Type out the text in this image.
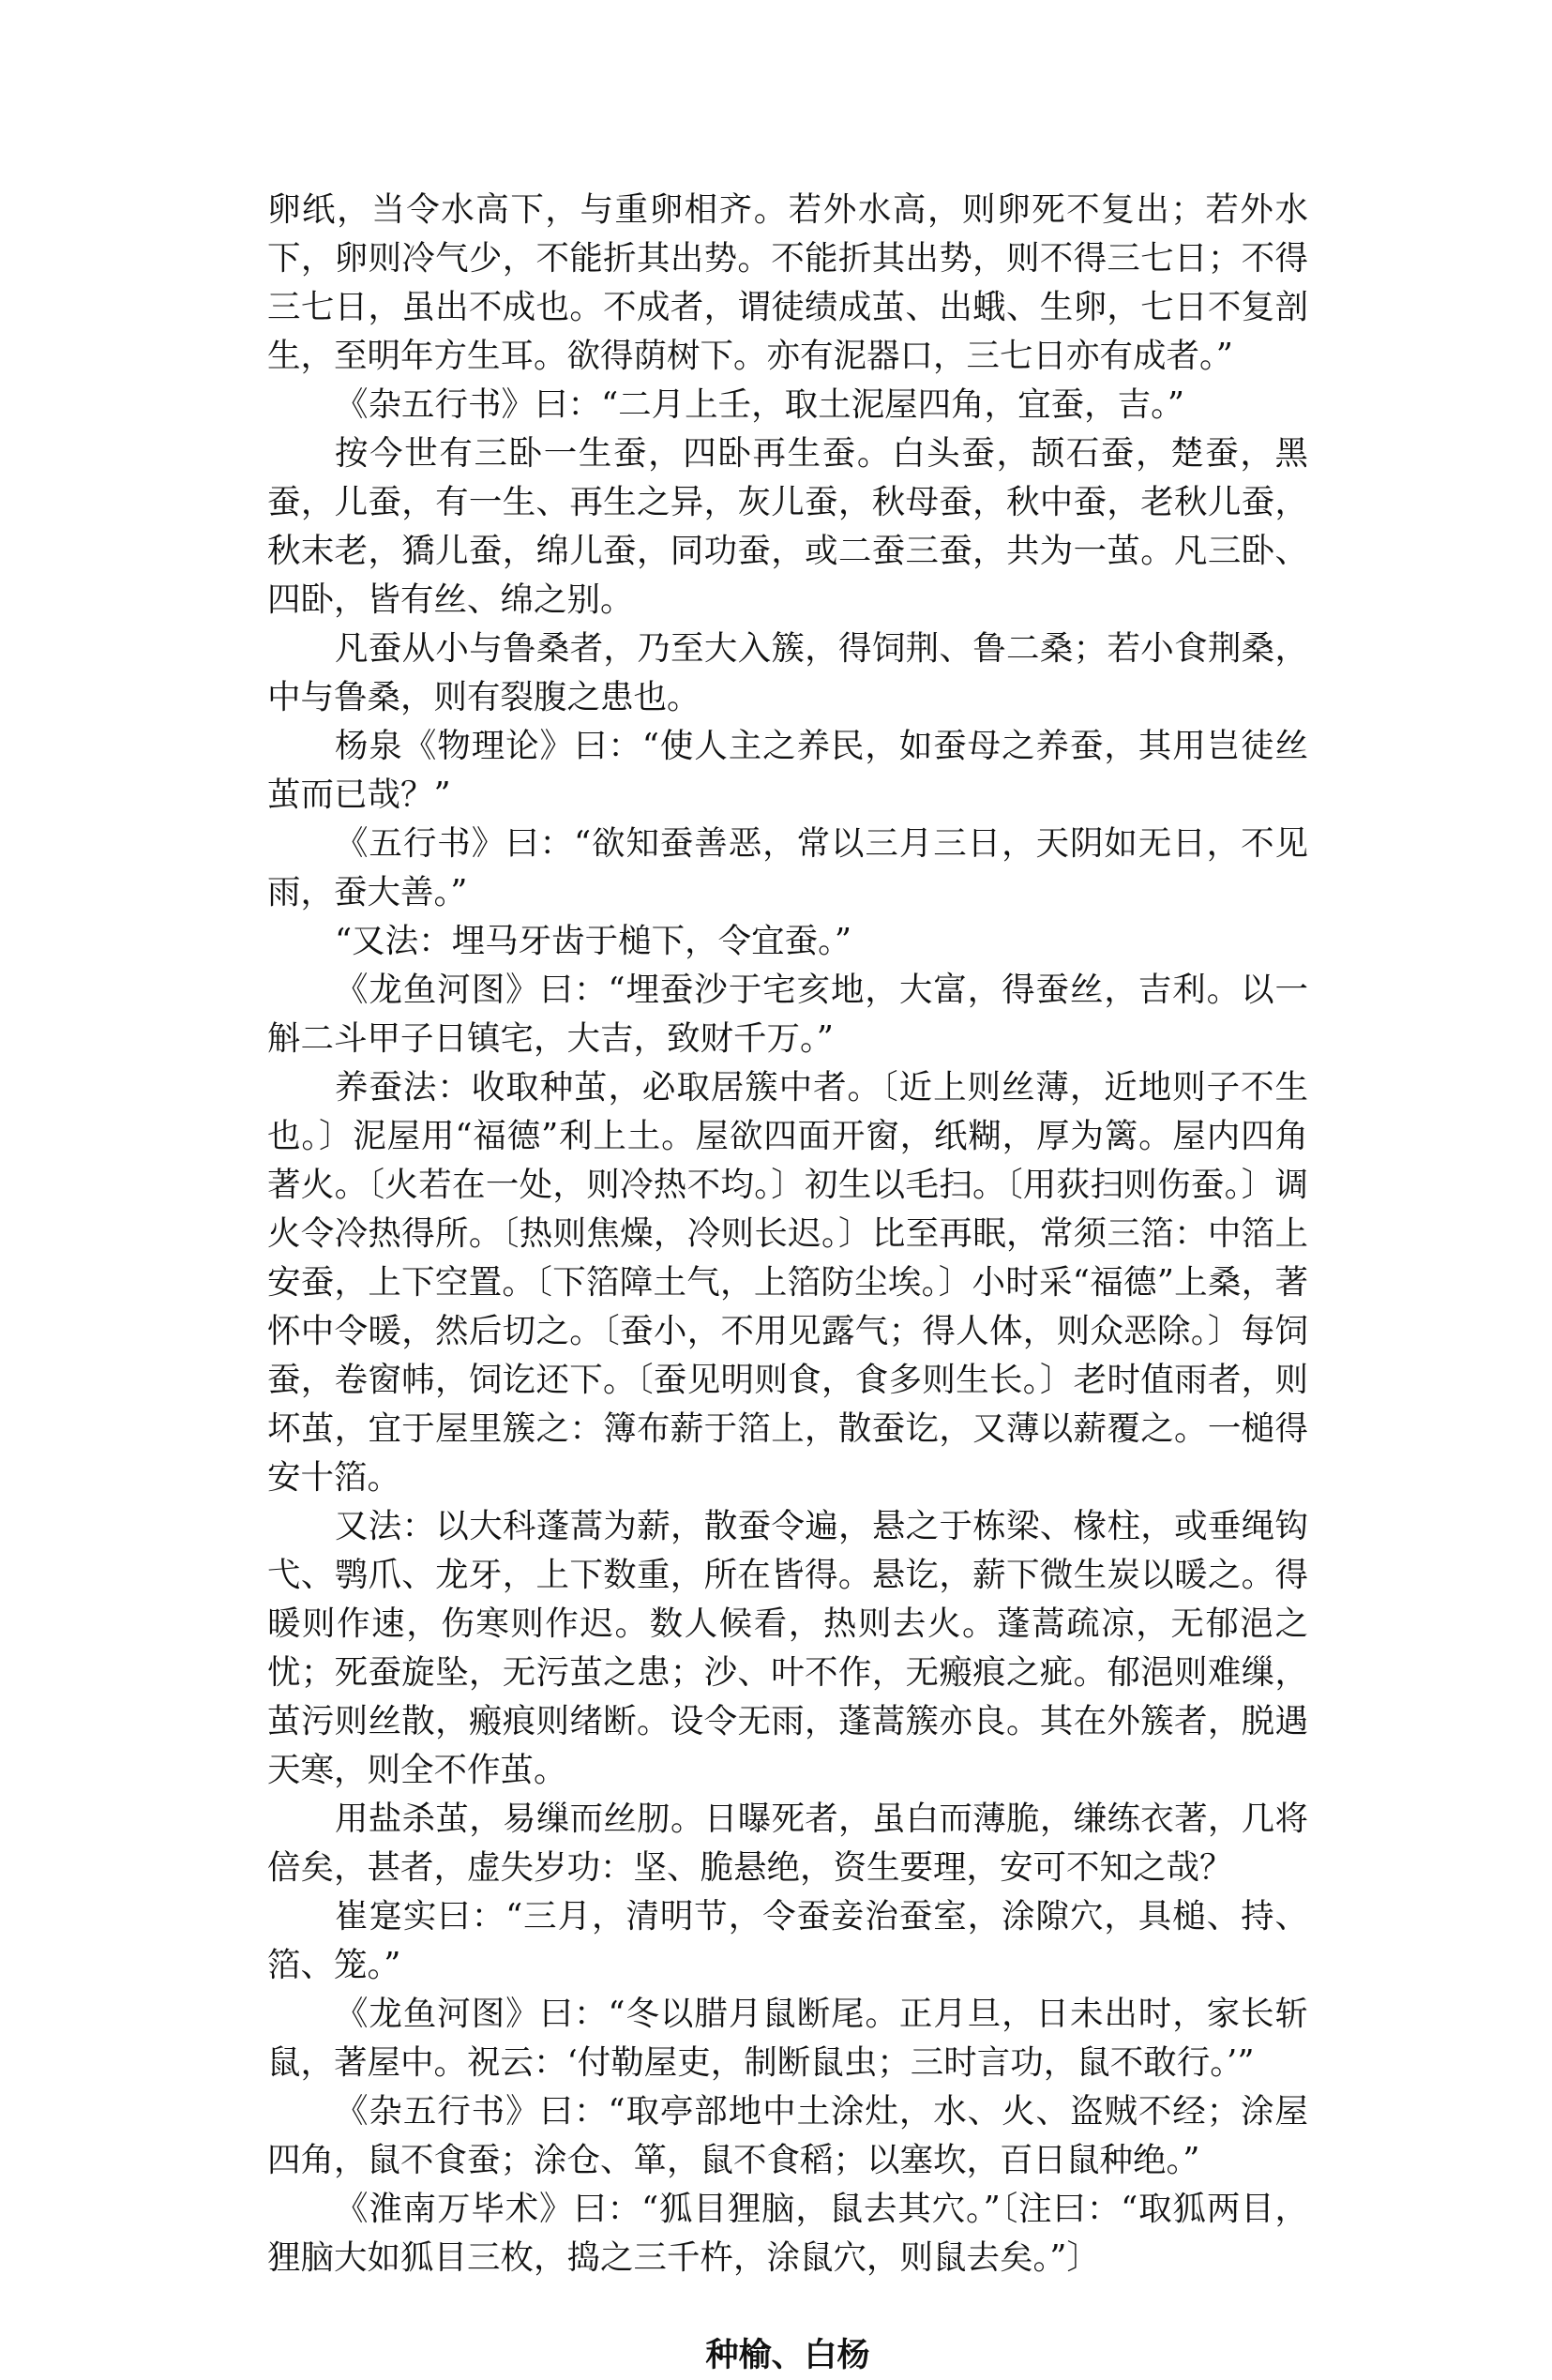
卵纸，当令水高下，与重卵相齐。若外水高，则卵死不复出；若外水下，卵则冷气少，不能折其出势。不能折其出势，则不得三七日；不得三七日，虽出不成也。不成者，谓徒绩成茧、出蛾、生卵，七日不复剖生，至明年方生耳。欲得荫树下。亦有泥器口，三七日亦有成者。”

《杂五行书》曰：“二月上壬，取土泥屋四角，宜蚕，吉。”

按今世有三卧一生蚕，四卧再生蚕。白头蚕，颉石蚕，楚蚕，黑蚕，儿蚕，有一生、再生之异，灰儿蚕，秋母蚕，秋中蚕，老秋儿蚕，秋末老，獢儿蚕，绵儿蚕，同功蚕，或二蚕三蚕，共为一茧。凡三卧、四卧，皆有丝、绵之别。

凡蚕从小与鲁桑者，乃至大入簇，得饲荆、鲁二桑；若小食荆桑，中与鲁桑，则有裂腹之患也。

杨泉《物理论》曰：“使人主之养民，如蚕母之养蚕，其用岂徒丝茧而已哉？”

《五行书》曰：“欲知蚕善恶，常以三月三日，天阴如无日，不见雨，蚕大善。”

“又法：埋马牙齿于槌下，令宜蚕。”

《龙鱼河图》曰：“埋蚕沙于宅亥地，大富，得蚕丝，吉利。以一斛二斗甲子日镇宅，大吉，致财千万。”

养蚕法：收取种茧，必取居簇中者。〔近上则丝薄，近地则子不生也。〕泥屋用“福德”利上土。屋欲四面开窗，纸糊，厚为篱。屋内四角著火。〔火若在一处，则冷热不均。〕初生以毛扫。〔用荻扫则伤蚕。〕调火令冷热得所。〔热则焦燥，冷则长迟。〕比至再眠，常须三箔：中箔上安蚕，上下空置。〔下箔障土气，上箔防尘埃。〕小时采“福德”上桑，著怀中令暖，然后切之。〔蚕小，不用见露气；得人体，则众恶除。〕每饲蚕，卷窗帏，饲讫还下。〔蚕见明则食，食多则生长。〕老时值雨者，则坏茧，宜于屋里簇之：簿布薪于箔上，散蚕讫，又薄以薪覆之。一槌得安十箔。

又法：以大科蓬蒿为薪，散蚕令遍，悬之于栋梁、椽柱，或垂绳钩弋、鹗爪、龙牙，上下数重，所在皆得。悬讫，薪下微生炭以暖之。得暖则作速，伤寒则作迟。数人候看，热则去火。蓬蒿疏凉，无郁浥之忧；死蚕旋坠，无污茧之患；沙、叶不作，无瘢痕之疵。郁浥则难缫，茧污则丝散，瘢痕则绪断。设令无雨，蓬蒿簇亦良。其在外簇者，脱遇天寒，则全不作茧。

用盐杀茧，易缫而丝肕。日曝死者，虽白而薄脆，缣练衣著，几将倍矣，甚者，虚失岁功：坚、脆悬绝，资生要理，安可不知之哉？

崔寔实曰：“三月，清明节，令蚕妾治蚕室，涂隙穴，具槌、持、箔、笼。”

《龙鱼河图》曰：“冬以腊月鼠断尾。正月旦，日未出时，家长斩鼠，著屋中。祝云：‘付勒屋吏，制断鼠虫；三时言功，鼠不敢行。’”

《杂五行书》曰：“取亭部地中土涂灶，水、火、盗贼不经；涂屋四角，鼠不食蚕；涂仓、箪，鼠不食稻；以塞坎，百日鼠种绝。”

《淮南万毕术》曰：“狐目狸脑，鼠去其穴。”〔注曰：“取狐两目，狸脑大如狐目三枚，捣之三千杵，涂鼠穴，则鼠去矣。”〕

种榆、白杨
